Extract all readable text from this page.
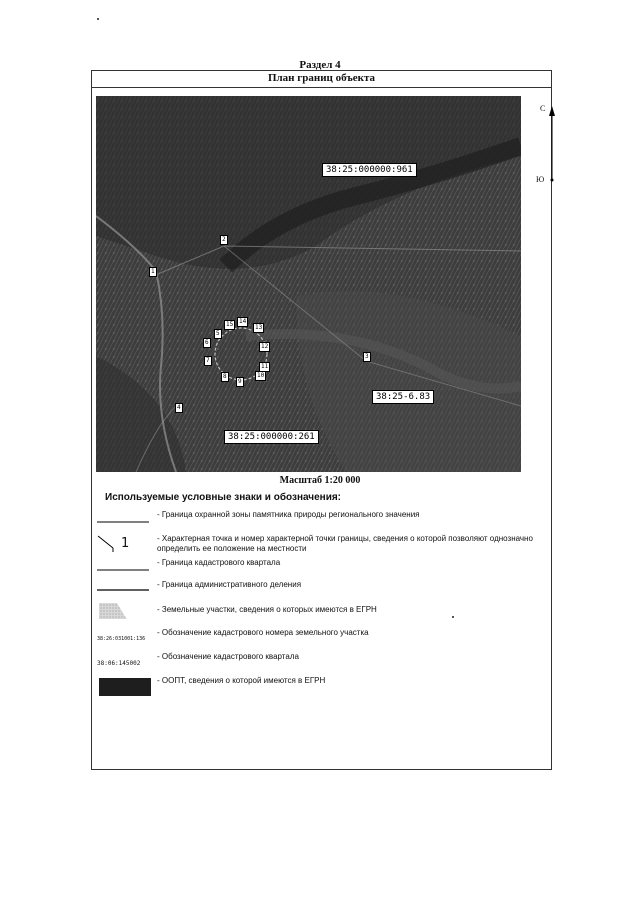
Раздел 4
План границ объекта
1
2
3
4
5
6
7
8
9
10
11
12
13
14
15
38:25:000000:961
38:25-6.83
38:25:000000:261
С
Ю
Масштаб 1:20 000
Используемые условные знаки и обозначения:
- Граница охранной зоны памятника природы регионального значения
1	- Характерная точка и номер характерной точки границы, сведения о которой позволяют однозначно определить ее положение на местности
- Граница кадастрового квартала
- Граница административного деления
- Земельные участки, сведения о которых имеются в ЕГРН
38:26:031001:136
- Обозначение кадастрового номера земельного участка
38:06:145002
- Обозначение кадастрового квартала
- ООПТ, сведения о которой имеются в ЕГРН
